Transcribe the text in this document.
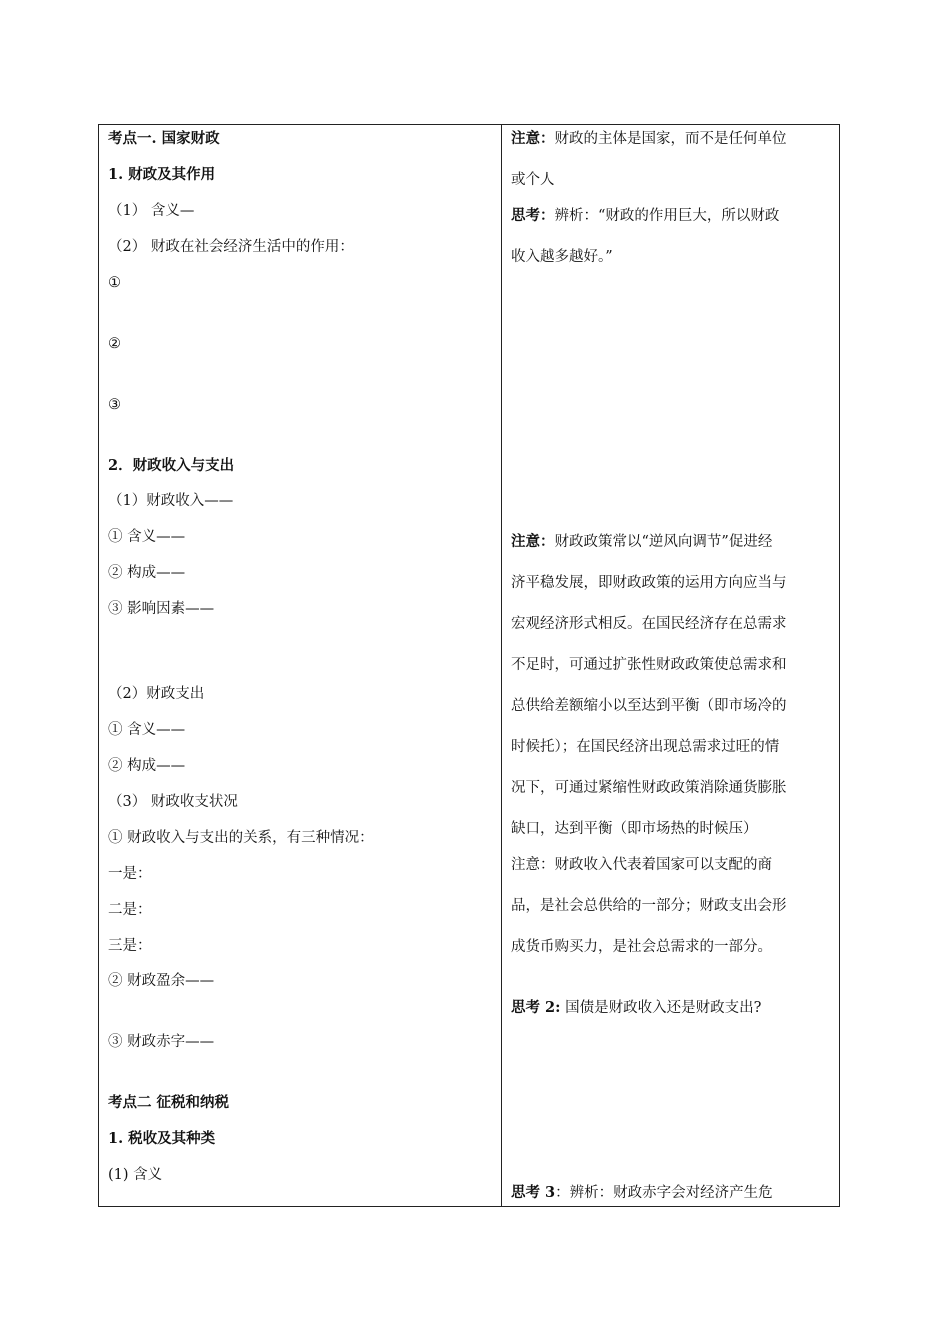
考点一. 国家财政
1. 财政及其作用
（1） 含义—
（2） 财政在社会经济生活中的作用：
①
②
③
2．财政收入与支出
（1）财政收入——
① 含义——
② 构成——
③ 影响因素——
（2）财政支出
① 含义——
② 构成——
（3） 财政收支状况
① 财政收入与支出的关系，有三种情况：
一是：
二是：
三是：
② 财政盈余——
③ 财政赤字——
考点二 征税和纳税
1. 税收及其种类
(1) 含义
注意：财政的主体是国家，而不是任何单位
或个人
思考：辨析：“财政的作用巨大，所以财政
收入越多越好。”
注意：财政政策常以“逆风向调节”促进经
济平稳发展，即财政政策的运用方向应当与
宏观经济形式相反。在国民经济存在总需求
不足时，可通过扩张性财政政策使总需求和
总供给差额缩小以至达到平衡（即市场冷的
时候托）；在国民经济出现总需求过旺的情
况下，可通过紧缩性财政政策消除通货膨胀
缺口，达到平衡（即市场热的时候压）
注意：财政收入代表着国家可以支配的商
品，是社会总供给的一部分；财政支出会形
成货币购买力，是社会总需求的一部分。
思考 2: 国债是财政收入还是财政支出?
思考 3：辨析：财政赤字会对经济产生危
